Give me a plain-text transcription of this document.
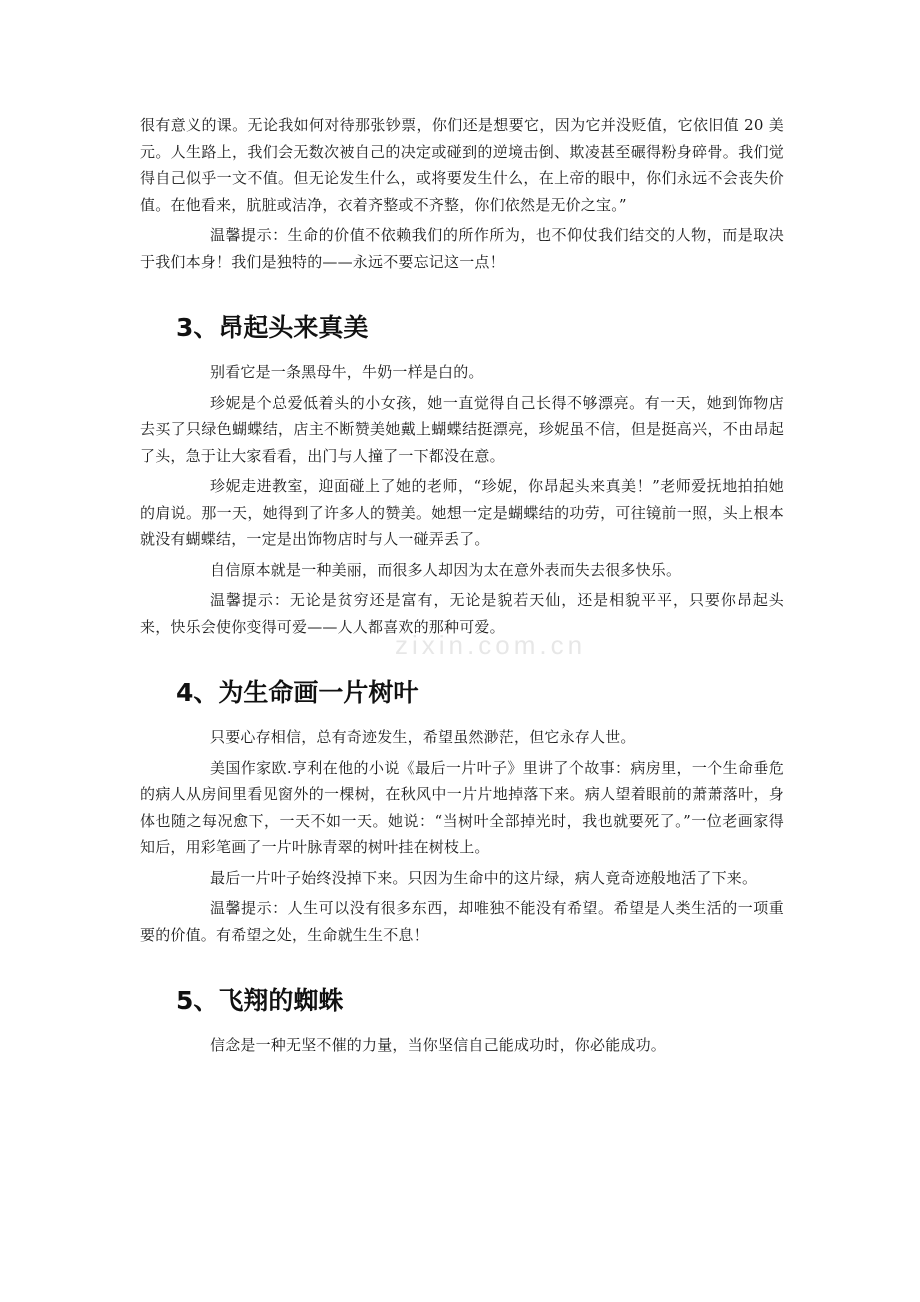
很有意义的课。无论我如何对待那张钞票，你们还是想要它，因为它并没贬值，它依旧值 20 美元。人生路上，我们会无数次被自己的决定或碰到的逆境击倒、欺凌甚至碾得粉身碎骨。我们觉得自己似乎一文不值。但无论发生什么，或将要发生什么，在上帝的眼中，你们永远不会丧失价值。在他看来，肮脏或洁净，衣着齐整或不齐整，你们依然是无价之宝。”

温馨提示：生命的价值不依赖我们的所作所为，也不仰仗我们结交的人物，而是取决于我们本身！我们是独特的——永远不要忘记这一点！

3、昂起头来真美

别看它是一条黑母牛，牛奶一样是白的。

珍妮是个总爱低着头的小女孩，她一直觉得自己长得不够漂亮。有一天，她到饰物店去买了只绿色蝴蝶结，店主不断赞美她戴上蝴蝶结挺漂亮，珍妮虽不信，但是挺高兴，不由昂起了头，急于让大家看看，出门与人撞了一下都没在意。

珍妮走进教室，迎面碰上了她的老师，“珍妮，你昂起头来真美！”老师爱抚地拍拍她的肩说。那一天，她得到了许多人的赞美。她想一定是蝴蝶结的功劳，可往镜前一照，头上根本就没有蝴蝶结，一定是出饰物店时与人一碰弄丢了。

自信原本就是一种美丽，而很多人却因为太在意外表而失去很多快乐。

温馨提示：无论是贫穷还是富有，无论是貌若天仙，还是相貌平平，只要你昂起头来，快乐会使你变得可爱——人人都喜欢的那种可爱。

4、为生命画一片树叶

只要心存相信，总有奇迹发生，希望虽然渺茫，但它永存人世。

美国作家欧.亨利在他的小说《最后一片叶子》里讲了个故事：病房里，一个生命垂危的病人从房间里看见窗外的一棵树，在秋风中一片片地掉落下来。病人望着眼前的萧萧落叶，身体也随之每况愈下，一天不如一天。她说：“当树叶全部掉光时，我也就要死了。”一位老画家得知后，用彩笔画了一片叶脉青翠的树叶挂在树枝上。

最后一片叶子始终没掉下来。只因为生命中的这片绿，病人竟奇迹般地活了下来。

温馨提示：人生可以没有很多东西，却唯独不能没有希望。希望是人类生活的一项重要的价值。有希望之处，生命就生生不息！

5、飞翔的蜘蛛

信念是一种无坚不催的力量，当你坚信自己能成功时，你必能成功。

zixin.com.cn
